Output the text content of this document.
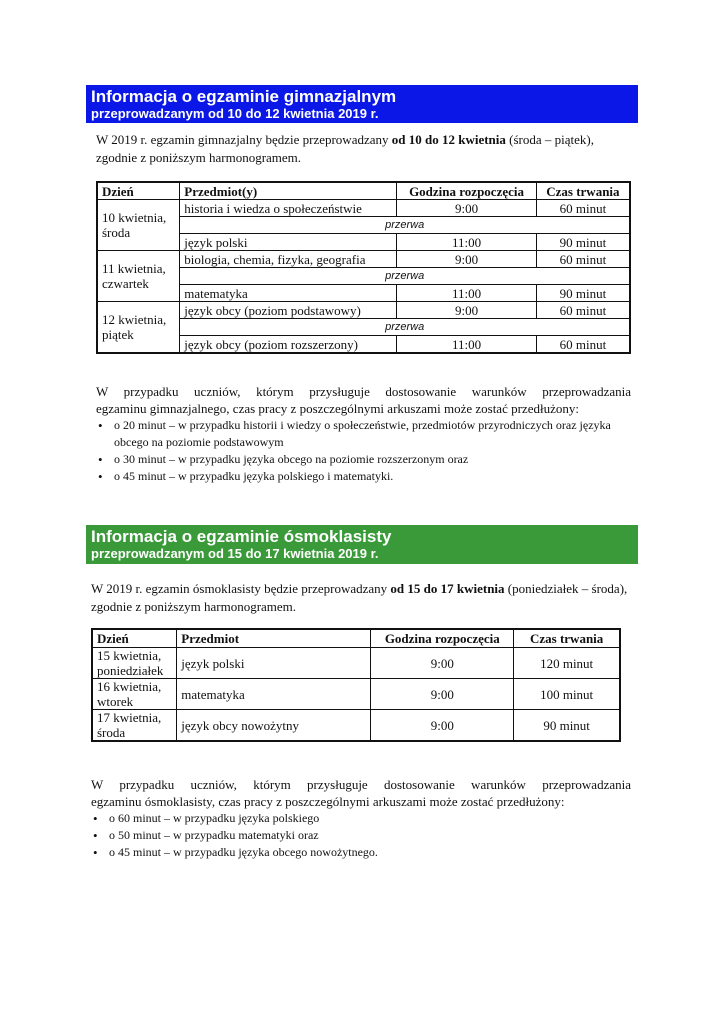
Informacja o egzaminie gimnazjalnym
przeprowadzanym od 10 do 12 kwietnia 2019 r.
W 2019 r. egzamin gimnazjalny będzie przeprowadzany od 10 do 12 kwietnia (środa – piątek), zgodnie z poniższym harmonogramem.
Dzień	Przedmiot(y)	Godzina rozpoczęcia	Czas trwania
10 kwietnia, środa	historia i wiedza o społeczeństwie	9:00	60 minut
	przerwa		
	język polski	11:00	90 minut
11 kwietnia, czwartek	biologia, chemia, fizyka, geografia	9:00	60 minut
	przerwa		
	matematyka	11:00	90 minut
12 kwietnia, piątek	język obcy (poziom podstawowy)	9:00	60 minut
	przerwa		
	język obcy (poziom rozszerzony)	11:00	60 minut
W przypadku uczniów, którym przysługuje dostosowanie warunków przeprowadzania
egzaminu gimnazjalnego, czas pracy z poszczególnymi arkuszami może zostać przedłużony:
• o 20 minut – w przypadku historii i wiedzy o społeczeństwie, przedmiotów przyrodniczych oraz języka obcego na poziomie podstawowym
• o 30 minut – w przypadku języka obcego na poziomie rozszerzonym oraz
• o 45 minut – w przypadku języka polskiego i matematyki.
Informacja o egzaminie ósmoklasisty
przeprowadzanym od 15 do 17 kwietnia 2019 r.
W 2019 r. egzamin ósmoklasisty będzie przeprowadzany od 15 do 17 kwietnia (poniedziałek – środa), zgodnie z poniższym harmonogramem.
Dzień	Przedmiot	Godzina rozpoczęcia	Czas trwania
15 kwietnia, poniedziałek	język polski	9:00	120 minut
16 kwietnia, wtorek	matematyka	9:00	100 minut
17 kwietnia, środa	język obcy nowożytny	9:00	90 minut
W przypadku uczniów, którym przysługuje dostosowanie warunków przeprowadzania
egzaminu ósmoklasisty, czas pracy z poszczególnymi arkuszami może zostać przedłużony:
• o 60 minut – w przypadku języka polskiego
• o 50 minut – w przypadku matematyki oraz
• o 45 minut – w przypadku języka obcego nowożytnego.
